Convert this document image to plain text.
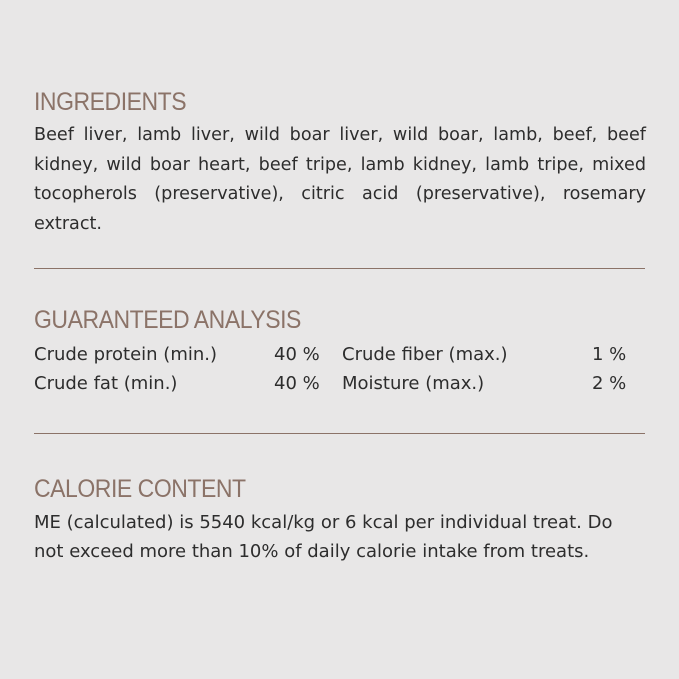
INGREDIENTS

Beef liver, lamb liver, wild boar liver, wild boar, lamb, beef, beef kidney, wild boar heart, beef tripe, lamb kidney, lamb tripe, mixed tocopherols (preservative), citric acid (preservative), rosemary extract.

GUARANTEED ANALYSIS
Crude protein (min.)	40 % Crude fiber (max.)	1 %
Crude fat (min.)	40 % Moisture (max.)	2 %
CALORIE CONTENT

ME (calculated) is 5540 kcal/kg or 6 kcal per individual treat. Do not exceed more than 10% of daily calorie intake from treats.
